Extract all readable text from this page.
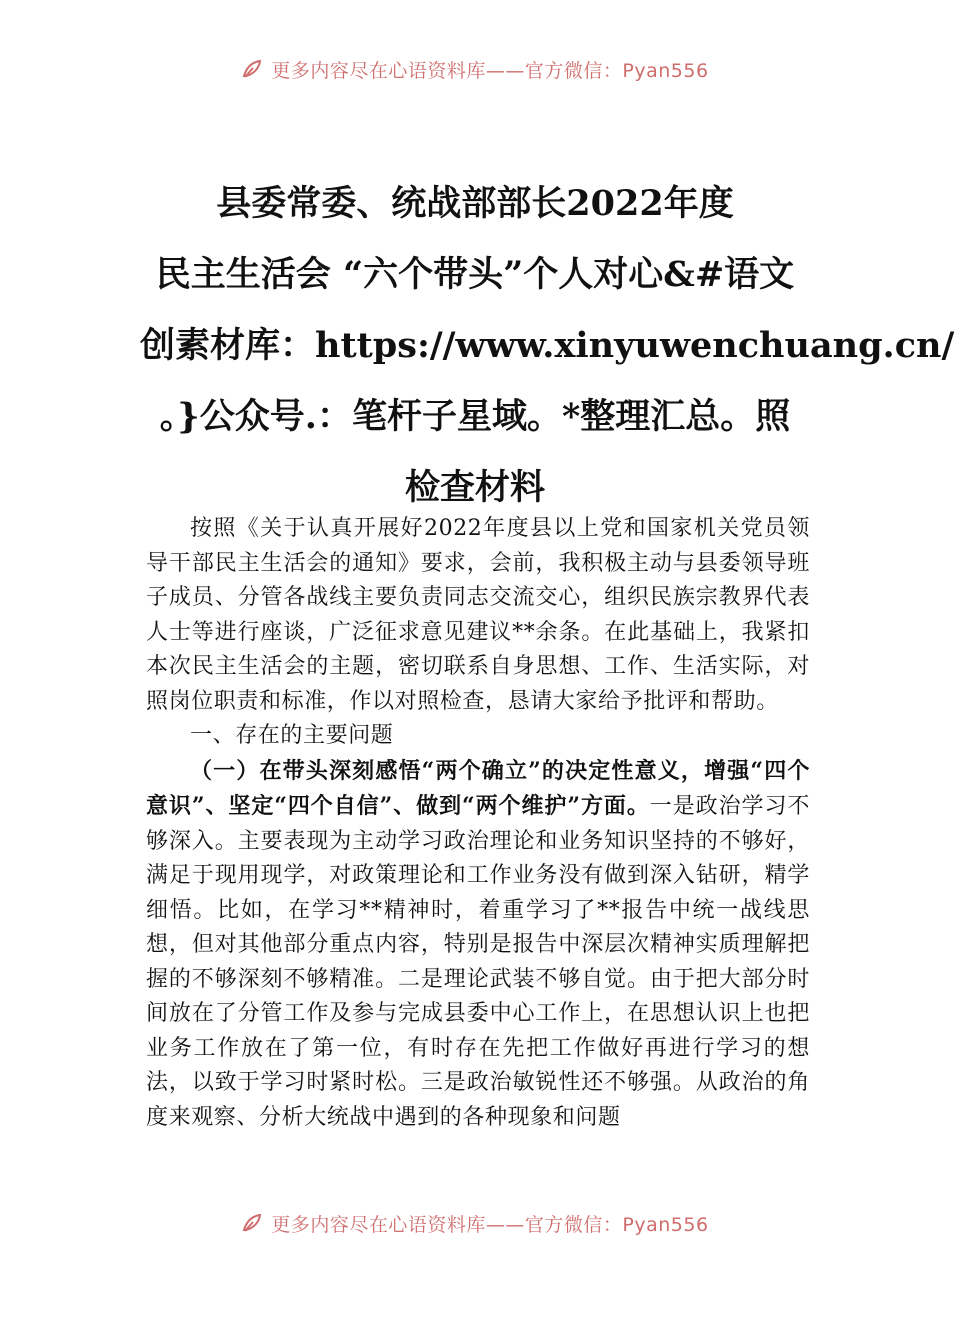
更多内容尽在心语资料库——官方微信：Pyan556
县委常委、统战部部长2022年度
民主生活会 “六个带头”个人对心&#语文
创素材库：https://www.xinyuwenchuang.cn/
。}公众号.：笔杆子星域。*整理汇总。照
检查材料

按照《关于认真开展好2022年度县以上党和国家机关党员领导干部民主生活会的通知》要求，会前，我积极主动与县委领导班子成员、分管各战线主要负责同志交流交心，组织民族宗教界代表人士等进行座谈，广泛征求意见建议**余条。在此基础上，我紧扣本次民主生活会的主题，密切联系自身思想、工作、生活实际，对照岗位职责和标准，作以对照检查，恳请大家给予批评和帮助。

一、存在的主要问题

（一）在带头深刻感悟“两个确立”的决定性意义，增强“四个意识”、坚定“四个自信”、做到“两个维护”方面。一是政治学习不够深入。主要表现为主动学习政治理论和业务知识坚持的不够好，满足于现用现学，对政策理论和工作业务没有做到深入钻研，精学细悟。比如，在学习**精神时，着重学习了**报告中统一战线思想，但对其他部分重点内容，特别是报告中深层次精神实质理解把握的不够深刻不够精准。二是理论武装不够自觉。由于把大部分时间放在了分管工作及参与完成县委中心工作上，在思想认识上也把业务工作放在了第一位，有时存在先把工作做好再进行学习的想法，以致于学习时紧时松。三是政治敏锐性还不够强。从政治的角度来观察、分析大统战中遇到的各种现象和问题

更多内容尽在心语资料库——官方微信：Pyan556
